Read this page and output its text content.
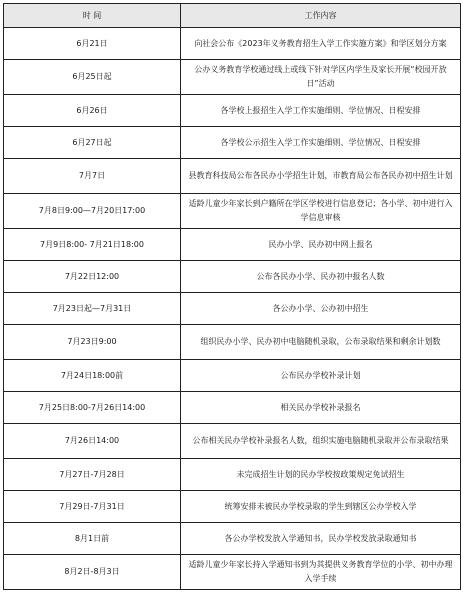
时 间	工作内容
6月21日	向社会公布《2023年义务教育招生入学工作实施方案》和学区划分方案
6月25日起	公办义务教育学校通过线上或线下针对学区内学生及家长开展“校园开放日”活动
6月26日	各学校上报招生入学工作实施细则、学位情况、日程安排
6月27日起	各学校公示招生入学工作实施细则、学位情况、日程安排
7月7日	县教育科技局公布各民办小学招生计划，市教育局公布各民办初中招生计划
7月8日9:00—7月20日17:00	适龄儿童少年家长到户籍所在学区学校进行信息登记；各小学、初中进行入学信息审核
7月9日8:00- 7月21日18:00	民办小学、民办初中网上报名
7月22日12:00	公布各民办小学、民办初中报名人数
7月23日起—7月31日	各公办小学、公办初中招生
7月23日9:00	组织民办小学、民办初中电脑随机录取，公布录取结果和剩余计划数
7月24日18:00前	公布民办学校补录计划
7月25日8:00-7月26日14:00	相关民办学校补录报名
7月26日14:00	公布相关民办学校补录报名人数，组织实施电脑随机录取并公布录取结果
7月27日-7月28日	未完成招生计划的民办学校按政策规定免试招生
7月29日-7月31日	统筹安排未被民办学校录取的学生到辖区公办学校入学
8月1日前	各公办学校发放入学通知书，民办学校发放录取通知书
8月2日-8月3日	适龄儿童少年家长持入学通知书到为其提供义务教育学位的小学、初中办理入学手续
